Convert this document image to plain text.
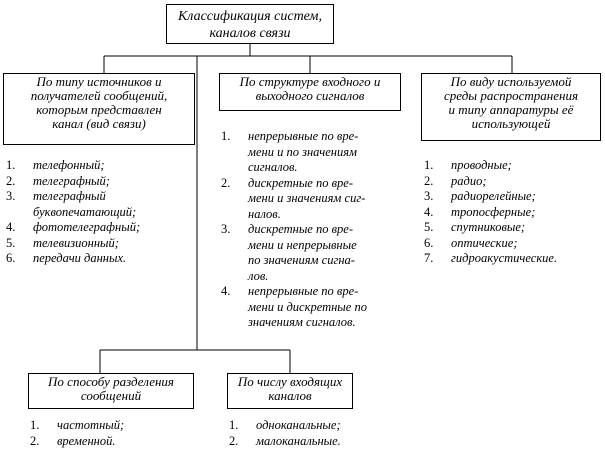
Классификация систем,
каналов связи
По типу источников и
получателей сообщений,
которым представлен
канал (вид связи)
По структуре входного и
выходного сигналов
По виду используемой
среды распространения
и типу аппаратуры её
использующей
По способу разделения
сообщений
По числу входящих
каналов
1. телефонный;
2. телеграфный;
3. телеграфный
буквопечатающий;
4. фототелеграфный;
5. телевизионный;
6. передачи данных.
1. непрерывные по вре-
мени и по значениям
сигналов.
2. дискретные по вре-
мени и значениям сиг-
налов.
3. дискретные по вре-
мени и непрерывные
по значениям сигна-
лов.
4. непрерывные по вре-
мени и дискретные по
значениям сигналов.
1. проводные;
2. радио;
3. радиорелейные;
4. тропосферные;
5. спутниковые;
6. оптические;
7. гидроакустические.
1. частотный;
2. временной.
1. одноканальные;
2. малоканальные.
